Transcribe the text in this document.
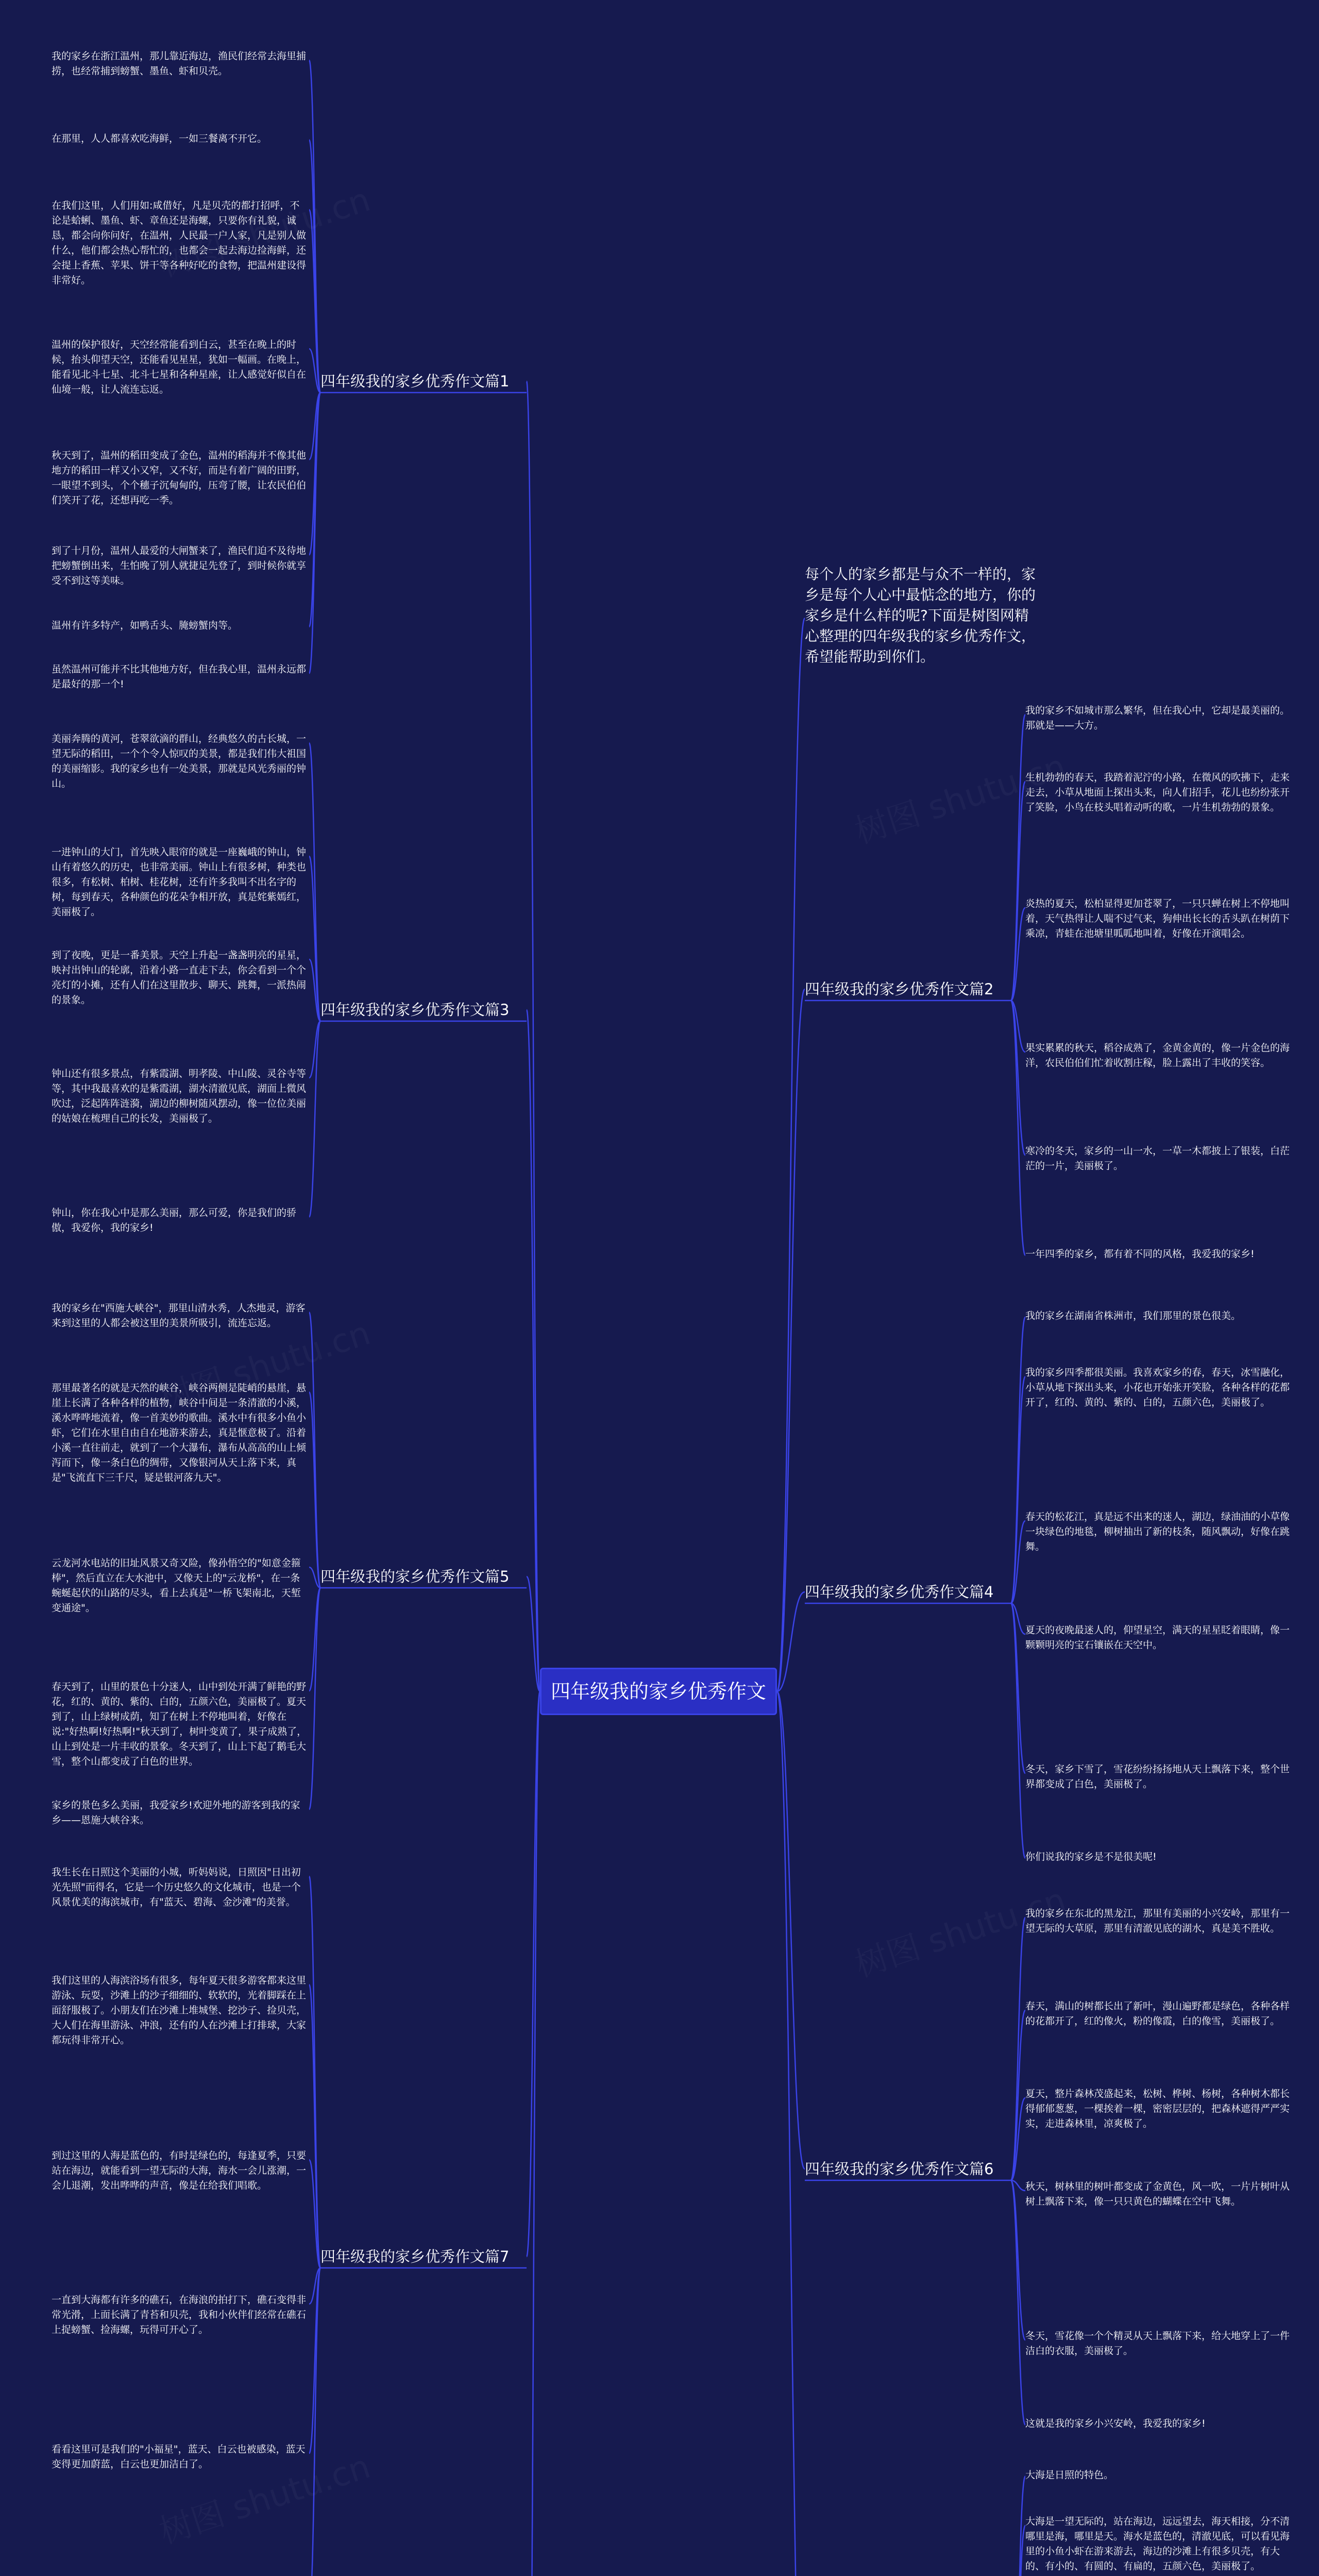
四年级我的家乡优秀作文
每个人的家乡都是与众不一样的，家乡是每个人心中最惦念的地方，你的家乡是什么样的呢?下面是树图网精心整理的四年级我的家乡优秀作文，希望能帮助到你们。
四年级我的家乡优秀作文篇1
我的家乡在浙江温州，那儿靠近海边，渔民们经常去海里捕捞，也经常捕到螃蟹、墨鱼、虾和贝壳。
在那里，人人都喜欢吃海鲜，一如三餐离不开它。
在我们这里，人们用如:咸借好，凡是贝壳的都打招呼，不论是蛤蜊、墨鱼、虾、章鱼还是海螺，只要你有礼貌，诚恳，都会向你问好，在温州，人民最一户人家，凡是别人做什么，他们都会热心帮忙的，也都会一起去海边捡海鲜，还会提上香蕉、苹果、饼干等各种好吃的食物，把温州建设得非常好。
温州的保护很好，天空经常能看到白云，甚至在晚上的时候，抬头仰望天空，还能看见星星，犹如一幅画。在晚上，能看见北斗七星、北斗七星和各种星座，让人感觉好似自在仙境一般，让人流连忘返。
秋天到了，温州的稻田变成了金色，温州的稻海并不像其他地方的稻田一样又小又窄，又不好，而是有着广阔的田野，一眼望不到头，个个穗子沉甸甸的，压弯了腰，让农民伯伯们笑开了花，还想再吃一季。
到了十月份，温州人最爱的大闸蟹来了，渔民们迫不及待地把螃蟹倒出来，生怕晚了别人就捷足先登了，到时候你就享受不到这等美味。
温州有许多特产，如鸭舌头、腌螃蟹肉等。
虽然温州可能并不比其他地方好，但在我心里，温州永远都是最好的那一个!
四年级我的家乡优秀作文篇3
美丽奔腾的黄河，苍翠欲滴的群山，经典悠久的古长城，一望无际的稻田，一个个令人惊叹的美景，都是我们伟大祖国的美丽缩影。我的家乡也有一处美景，那就是风光秀丽的钟山。
一进钟山的大门，首先映入眼帘的就是一座巍峨的钟山，钟山有着悠久的历史，也非常美丽。钟山上有很多树，种类也很多，有松树、柏树、桂花树，还有许多我叫不出名字的树，每到春天，各种颜色的花朵争相开放，真是姹紫嫣红，美丽极了。
到了夜晚，更是一番美景。天空上升起一盏盏明亮的星星，映衬出钟山的轮廓，沿着小路一直走下去，你会看到一个个亮灯的小摊，还有人们在这里散步、聊天、跳舞，一派热闹的景象。
钟山还有很多景点，有紫霞湖、明孝陵、中山陵、灵谷寺等等，其中我最喜欢的是紫霞湖，湖水清澈见底，湖面上微风吹过，泛起阵阵涟漪，湖边的柳树随风摆动，像一位位美丽的姑娘在梳理自己的长发，美丽极了。
钟山，你在我心中是那么美丽，那么可爱，你是我们的骄傲，我爱你，我的家乡!
四年级我的家乡优秀作文篇5
我的家乡在"西施大峡谷"，那里山清水秀，人杰地灵，游客来到这里的人都会被这里的美景所吸引，流连忘返。
那里最著名的就是天然的峡谷，峡谷两侧是陡峭的悬崖，悬崖上长满了各种各样的植物，峡谷中间是一条清澈的小溪，溪水哗哗地流着，像一首美妙的歌曲。溪水中有很多小鱼小虾，它们在水里自由自在地游来游去，真是惬意极了。沿着小溪一直往前走，就到了一个大瀑布，瀑布从高高的山上倾泻而下，像一条白色的绸带，又像银河从天上落下来，真是"飞流直下三千尺，疑是银河落九天"。
云龙河水电站的旧址风景又奇又险，像孙悟空的"如意金箍棒"，然后直立在大水池中，又像天上的"云龙桥"，在一条蜿蜒起伏的山路的尽头，看上去真是"一桥飞架南北，天堑变通途"。
春天到了，山里的景色十分迷人，山中到处开满了鲜艳的野花，红的、黄的、紫的、白的，五颜六色，美丽极了。夏天到了，山上绿树成荫，知了在树上不停地叫着，好像在说:"好热啊!好热啊!"秋天到了，树叶变黄了，果子成熟了，山上到处是一片丰收的景象。冬天到了，山上下起了鹅毛大雪，整个山都变成了白色的世界。
家乡的景色多么美丽，我爱家乡!欢迎外地的游客到我的家乡——恩施大峡谷来。
四年级我的家乡优秀作文篇7
我生长在日照这个美丽的小城，听妈妈说，日照因"日出初光先照"而得名，它是一个历史悠久的文化城市，也是一个风景优美的海滨城市，有"蓝天、碧海、金沙滩"的美誉。
我们这里的人海滨浴场有很多，每年夏天很多游客都来这里游泳、玩耍，沙滩上的沙子细细的、软软的，光着脚踩在上面舒服极了。小朋友们在沙滩上堆城堡、挖沙子、捡贝壳，大人们在海里游泳、冲浪，还有的人在沙滩上打排球，大家都玩得非常开心。
到过这里的人海是蓝色的，有时是绿色的，每逢夏季，只要站在海边，就能看到一望无际的大海，海水一会儿涨潮，一会儿退潮，发出哗哗的声音，像是在给我们唱歌。
一直到大海都有许多的礁石，在海浪的拍打下，礁石变得非常光滑，上面长满了青苔和贝壳，我和小伙伴们经常在礁石上捉螃蟹、捡海螺，玩得可开心了。
看看这里可是我们的"小福星"，蓝天、白云也被感染，蓝天变得更加蔚蓝，白云也更加洁白了。
四年级我的家乡优秀作文篇2
我的家乡不如城市那么繁华，但在我心中，它却是最美丽的。那就是——大方。
生机勃勃的春天，我踏着泥泞的小路，在微风的吹拂下，走来走去，小草从地面上探出头来，向人们招手，花儿也纷纷张开了笑脸，小鸟在枝头唱着动听的歌，一片生机勃勃的景象。
炎热的夏天，松柏显得更加苍翠了，一只只蝉在树上不停地叫着，天气热得让人喘不过气来，狗伸出长长的舌头趴在树荫下乘凉，青蛙在池塘里呱呱地叫着，好像在开演唱会。
果实累累的秋天，稻谷成熟了，金黄金黄的，像一片金色的海洋，农民伯伯们忙着收割庄稼，脸上露出了丰收的笑容。
寒冷的冬天，家乡的一山一水，一草一木都披上了银装，白茫茫的一片，美丽极了。
一年四季的家乡，都有着不同的风格，我爱我的家乡!
四年级我的家乡优秀作文篇4
我的家乡在湖南省株洲市，我们那里的景色很美。
我的家乡四季都很美丽。我喜欢家乡的春，春天，冰雪融化，小草从地下探出头来，小花也开始张开笑脸，各种各样的花都开了，红的、黄的、紫的、白的，五颜六色，美丽极了。
春天的松花江，真是远不出来的迷人，湖边，绿油油的小草像一块绿色的地毯，柳树抽出了新的枝条，随风飘动，好像在跳舞。
夏天的夜晚最迷人的，仰望星空，满天的星星眨着眼睛，像一颗颗明亮的宝石镶嵌在天空中。
冬天，家乡下雪了，雪花纷纷扬扬地从天上飘落下来，整个世界都变成了白色，美丽极了。
你们说我的家乡是不是很美呢!
四年级我的家乡优秀作文篇6
我的家乡在东北的黑龙江，那里有美丽的小兴安岭，那里有一望无际的大草原，那里有清澈见底的湖水，真是美不胜收。
春天，满山的树都长出了新叶，漫山遍野都是绿色，各种各样的花都开了，红的像火，粉的像霞，白的像雪，美丽极了。
夏天，整片森林茂盛起来，松树、桦树、杨树，各种树木都长得郁郁葱葱，一棵挨着一棵，密密层层的，把森林遮得严严实实，走进森林里，凉爽极了。
秋天，树林里的树叶都变成了金黄色，风一吹，一片片树叶从树上飘落下来，像一只只黄色的蝴蝶在空中飞舞。
冬天，雪花像一个个精灵从天上飘落下来，给大地穿上了一件洁白的衣服，美丽极了。
这就是我的家乡小兴安岭，我爱我的家乡!
大海是日照的特色。
大海是一望无际的，站在海边，远远望去，海天相接，分不清哪里是海，哪里是天。海水是蓝色的，清澈见底，可以看见海里的小鱼小虾在游来游去，海边的沙滩上有很多贝壳，有大的、有小的、有圆的、有扁的，五颜六色，美丽极了。
